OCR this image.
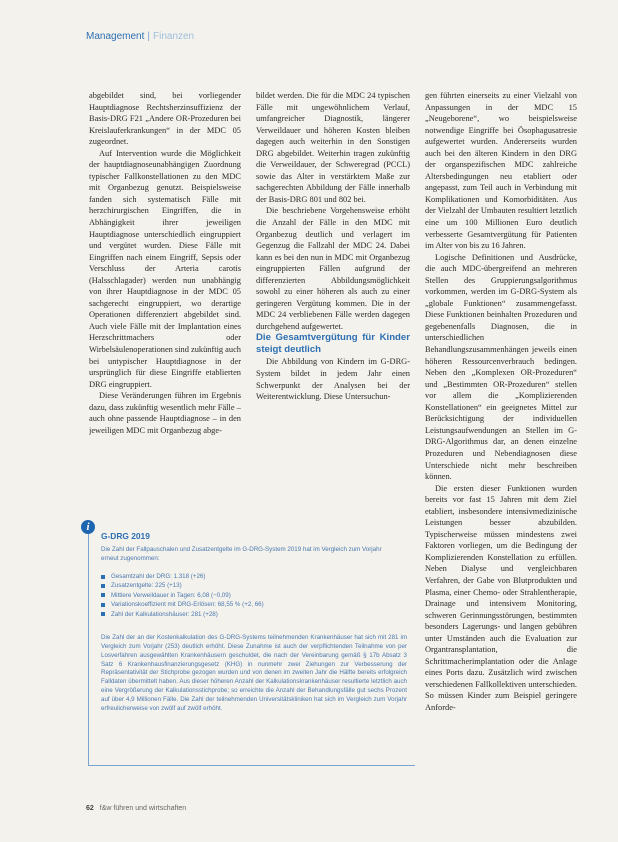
Management | Finanzen

abgebildet sind, bei vorliegender Hauptdiagnose Rechtsherzinsuffizienz der Basis-DRG F21 „Andere OR-Prozeduren bei Kreislauferkrankungen“ in der MDC 05 zugeordnet.

Auf Intervention wurde die Möglichkeit der hauptdiagnoseunabhängigen Zuordnung typischer Fallkonstellationen zu den MDC mit Organbezug genutzt. Beispielsweise fanden sich systematisch Fälle mit herzchirurgischen Eingriffen, die in Abhängigkeit ihrer jeweiligen Hauptdiagnose unterschiedlich eingruppiert und vergütet wurden. Diese Fälle mit Eingriffen nach einem Eingriff, Sepsis oder Verschluss der Arteria carotis (Halsschlagader) werden nun unabhängig von ihrer Hauptdiagnose in der MDC 05 sachgerecht eingruppiert, wo derartige Operationen differenziert abgebildet sind. Auch viele Fälle mit der Implantation eines Herzschrittmachers oder Wirbelsäulenoperationen sind zukünftig auch bei untypischer Hauptdiagnose in der ursprünglich für diese Eingriffe etablierten DRG eingruppiert.

Diese Veränderungen führen im Ergebnis dazu, dass zukünftig wesentlich mehr Fälle – auch ohne passende Hauptdiagnose – in den jeweiligen MDC mit Organbezug abge-

bildet werden. Die für die MDC 24 typischen Fälle mit ungewöhnlichem Verlauf, umfangreicher Diagnostik, längerer Verweildauer und höheren Kosten bleiben dagegen auch weiterhin in den Sonstigen DRG abgebildet. Weiterhin tragen zukünftig die Verweildauer, der Schweregrad (PCCL) sowie das Alter in verstärktem Maße zur sachgerechten Abbildung der Fälle innerhalb der Basis-DRG 801 und 802 bei.

Die beschriebene Vorgehensweise erhöht die Anzahl der Fälle in den MDC mit Organbezug deutlich und verlagert im Gegenzug die Fallzahl der MDC 24. Dabei kann es bei den nun in MDC mit Organbezug eingruppierten Fällen aufgrund der differenzierten Abbildungsmöglichkeit sowohl zu einer höheren als auch zu einer geringeren Vergütung kommen. Die in der MDC 24 verbliebenen Fälle werden dagegen durchgehend aufgewertet.

Die Gesamtvergütung für Kinder steigt deutlich

Die Abbildung von Kindern im G-DRG-System bildet in jedem Jahr einen Schwerpunkt der Analysen bei der Weiterentwicklung. Diese Untersuchun-

gen führten einerseits zu einer Vielzahl von Anpassungen in der MDC 15 „Neugeborene“, wo beispielsweise notwendige Eingriffe bei Ösophagusatresie aufgewertet wurden. Andererseits wurden auch bei den älteren Kindern in den DRG der organspezifischen MDC zahlreiche Altersbedingungen neu etabliert oder angepasst, zum Teil auch in Verbindung mit Komplikationen und Komorbiditäten. Aus der Vielzahl der Umbauten resultiert letztlich eine um 100 Millionen Euro deutlich verbesserte Gesamtvergütung für Patienten im Alter von bis zu 16 Jahren.

Logische Definitionen und Ausdrücke, die auch MDC-übergreifend an mehreren Stellen des Gruppierungsalgorithmus vorkommen, werden im G-DRG-System als „globale Funktionen“ zusammengefasst. Diese Funktionen beinhalten Prozeduren und gegebenenfalls Diagnosen, die in unterschiedlichen Behandlungszusammenhängen jeweils einen höheren Ressourcenverbrauch bedingen. Neben den „Komplexen OR-Prozeduren“ und „Bestimmten OR-Prozeduren“ stellen vor allem die „Komplizierenden Konstellationen“ ein geeignetes Mittel zur Berücksichtigung der individuellen Leistungsaufwendungen an Stellen im G-DRG-Algorithmus dar, an denen einzelne Prozeduren und Nebendiagnosen diese Unterschiede nicht mehr beschreiben können.

Die ersten dieser Funktionen wurden bereits vor fast 15 Jahren mit dem Ziel etabliert, insbesondere intensivmedizinische Leistungen besser abzubilden. Typischerweise müssen mindestens zwei Faktoren vorliegen, um die Bedingung der Komplizierenden Konstellation zu erfüllen. Neben Dialyse und vergleichbaren Verfahren, der Gabe von Blutprodukten und Plasma, einer Chemo- oder Strahlentherapie, Drainage und intensivem Monitoring, schweren Gerinnungsstörungen, bestimmten besonders Lagerungs- und langen gebühren unter Umständen auch die Evaluation zur Organtransplantation, die Schrittmacherimplantation oder die Anlage eines Ports dazu. Zusätzlich wird zwischen verschiedenen Fallkollektiven unterschieden. So müssen Kinder zum Beispiel geringere Anforde-

G-DRG 2019
Die Zahl der Fallpauschalen und Zusatzentgelte im G-DRG-System 2019 hat im Vergleich zum Vorjahr erneut zugenommen:
Gesamtzahl der DRG: 1.318 (+26)
Zusatzentgelte: 225 (+13)
Mittlere Verweildauer in Tagen: 6,08 (−0,09)
Variationskoeffizient mit DRG-Erlösen: 68,55 % (+2, 66)
Zahl der Kalkulationshäuser: 281 (+28)
Die Zahl der an der Kostenkalkulation des G-DRG-Systems teilnehmenden Krankenhäuser hat sich mit 281 im Vergleich zum Vorjahr (253) deutlich erhöht. Diese Zunahme ist auch der verpflichtenden Teilnahme von per Losverfahren ausgewählten Krankenhäusern geschuldet, die nach der Vereinbarung gemäß § 17b Absatz 3 Satz 6 Krankenhausfinanzierungsgesetz (KHG) in nunmehr zwei Ziehungen zur Verbesserung der Repräsentativität der Stichprobe gezogen wurden und von denen im zweiten Jahr die Hälfte bereits erfolgreich Falldaten übermittelt haben. Aus dieser höheren Anzahl der Kalkulationskrankenhäuser resultierte letztlich auch eine Vergrößerung der Kalkulationsstichprobe; so erreichte die Anzahl der Behandlungsfälle gut sechs Prozent auf über 4,9 Millionen Fälle. Die Zahl der teilnehmenden Universitätskliniken hat sich im Vergleich zum Vorjahr erfreulicherweise von zwölf auf zwölf erhöht.
i
62 f&w führen und wirtschaften
